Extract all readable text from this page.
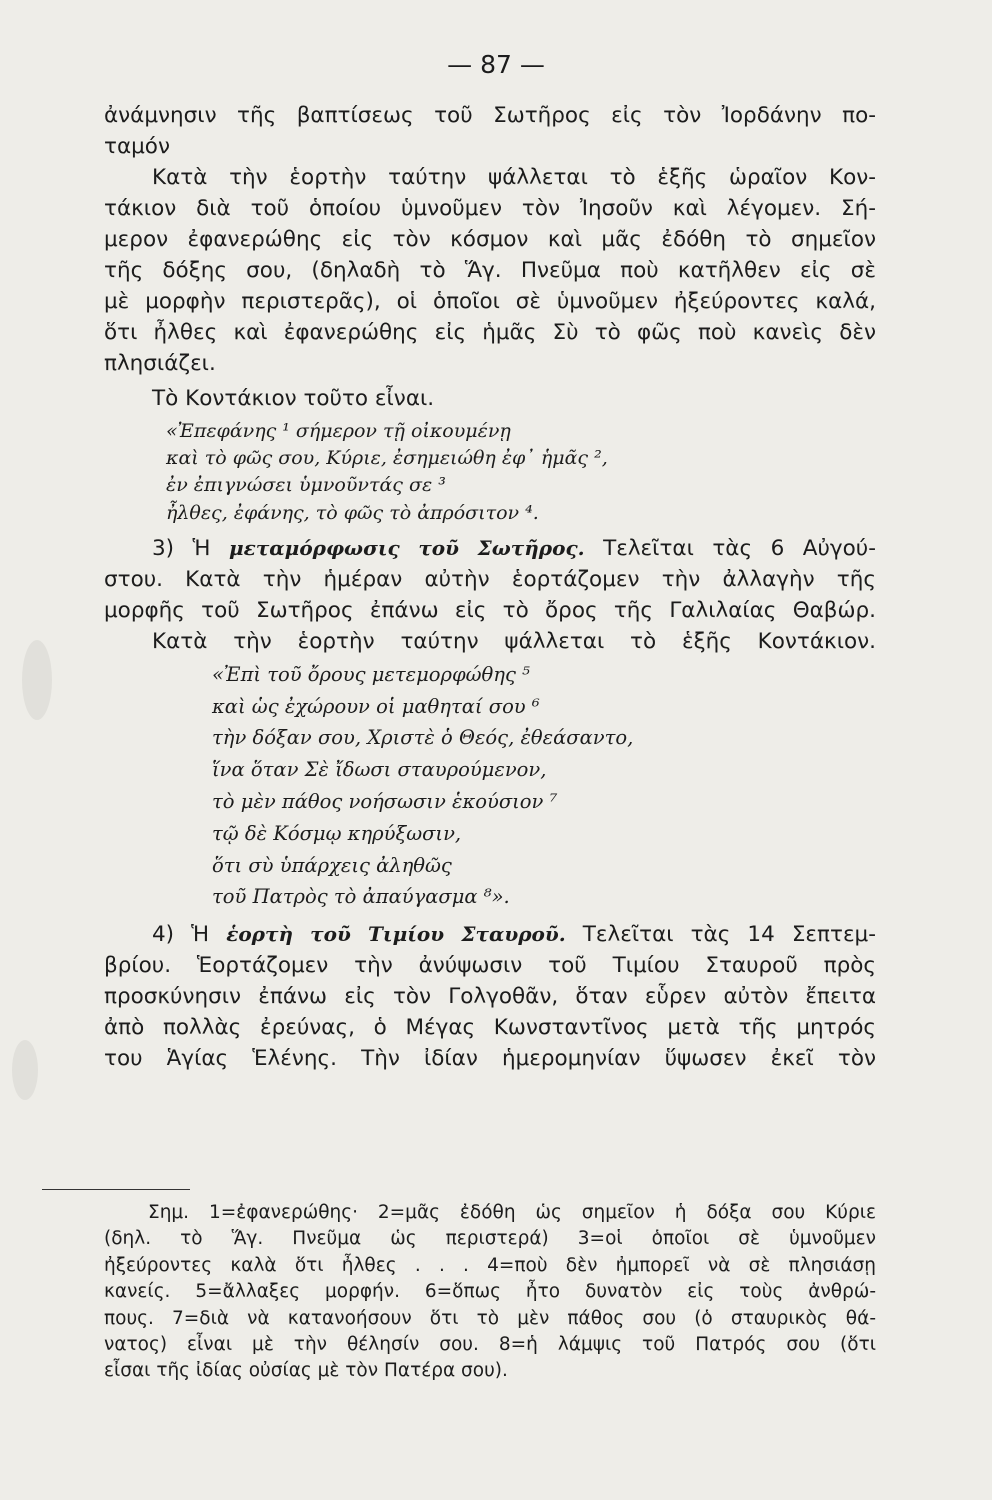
— 87 —
ἀνάμνησιν τῆς βαπτίσεως τοῦ Σωτῆρος εἰς τὸν Ἰορδάνην πο-
ταμόν
Κατὰ τὴν ἑορτὴν ταύτην ψάλλεται τὸ ἑξῆς ὡραῖον Κον-
τάκιον διὰ τοῦ ὁποίου ὑμνοῦμεν τὸν Ἰησοῦν καὶ λέγομεν. Σή-
μερον ἐφανερώθης εἰς τὸν κόσμον καὶ μᾶς ἐδόθη τὸ σημεῖον
τῆς δόξης σου, (δηλαδὴ τὸ Ἅγ. Πνεῦμα ποὺ κατῆλθεν εἰς σὲ
μὲ μορφὴν περιστερᾶς), οἱ ὁποῖοι σὲ ὑμνοῦμεν ἠξεύροντες καλά,
ὅτι ἦλθες καὶ ἐφανερώθης εἰς ἡμᾶς Σὺ τὸ φῶς ποὺ κανεὶς δὲν
πλησιάζει.
Τὸ Κοντάκιον τοῦτο εἶναι.
«Ἐπεφάνης ¹ σήμερον τῇ οἰκουμένῃ
καὶ τὸ φῶς σου, Κύριε, ἐσημειώθη ἐφ᾽ ἡμᾶς ²,
ἐν ἐπιγνώσει ὑμνοῦντάς σε ³
ἦλθες, ἐφάνης, τὸ φῶς τὸ ἀπρόσιτον ⁴.
3) Ἡ μεταμόρφωσις τοῦ Σωτῆρος. Τελεῖται τὰς 6 Αὐγού-
στου. Κατὰ τὴν ἡμέραν αὐτὴν ἑορτάζομεν τὴν ἀλλαγὴν τῆς
μορφῆς τοῦ Σωτῆρος ἐπάνω εἰς τὸ ὄρος τῆς Γαλιλαίας Θαβώρ.
Κατὰ τὴν ἑορτὴν ταύτην ψάλλεται τὸ ἑξῆς Κοντάκιον.
«Ἐπὶ τοῦ ὄρους μετεμορφώθης ⁵
καὶ ὡς ἐχώρουν οἱ μαθηταί σου ⁶
τὴν δόξαν σου, Χριστὲ ὁ Θεός, ἐθεάσαντο,
ἵνα ὅταν Σὲ ἴδωσι σταυρούμενον,
τὸ μὲν πάθος νοήσωσιν ἑκούσιον ⁷
τῷ δὲ Κόσμῳ κηρύξωσιν,
ὅτι σὺ ὑπάρχεις ἀληθῶς
τοῦ Πατρὸς τὸ ἀπαύγασμα ⁸».
4) Ἡ ἑορτὴ τοῦ Τιμίου Σταυροῦ. Τελεῖται τὰς 14 Σεπτεμ-
βρίου. Ἑορτάζομεν τὴν ἀνύψωσιν τοῦ Τιμίου Σταυροῦ πρὸς
προσκύνησιν ἐπάνω εἰς τὸν Γολγοθᾶν, ὅταν εὗρεν αὐτὸν ἔπειτα
ἀπὸ πολλὰς ἐρεύνας, ὁ Μέγας Κωνσταντῖνος μετὰ τῆς μητρός
του Ἁγίας Ἑλένης. Τὴν ἰδίαν ἡμερομηνίαν ὕψωσεν ἐκεῖ τὸν
Σημ. 1=ἐφανερώθης· 2=μᾶς ἐδόθη ὡς σημεῖον ἡ δόξα σου Κύριε
(δηλ. τὸ Ἅγ. Πνεῦμα ὡς περιστερά) 3=οἱ ὁποῖοι σὲ ὑμνοῦμεν
ἠξεύροντες καλὰ ὅτι ἦλθες . . . 4=ποὺ δὲν ἠμπορεῖ νὰ σὲ πλησιάσῃ
κανείς. 5=ἄλλαξες μορφήν. 6=ὅπως ἦτο δυνατὸν εἰς τοὺς ἀνθρώ-
πους. 7=διὰ νὰ κατανοήσουν ὅτι τὸ μὲν πάθος σου (ὁ σταυρικὸς θά-
νατος) εἶναι μὲ τὴν θέλησίν σου. 8=ἡ λάμψις τοῦ Πατρός σου (ὅτι
εἶσαι τῆς ἰδίας οὐσίας μὲ τὸν Πατέρα σου).
